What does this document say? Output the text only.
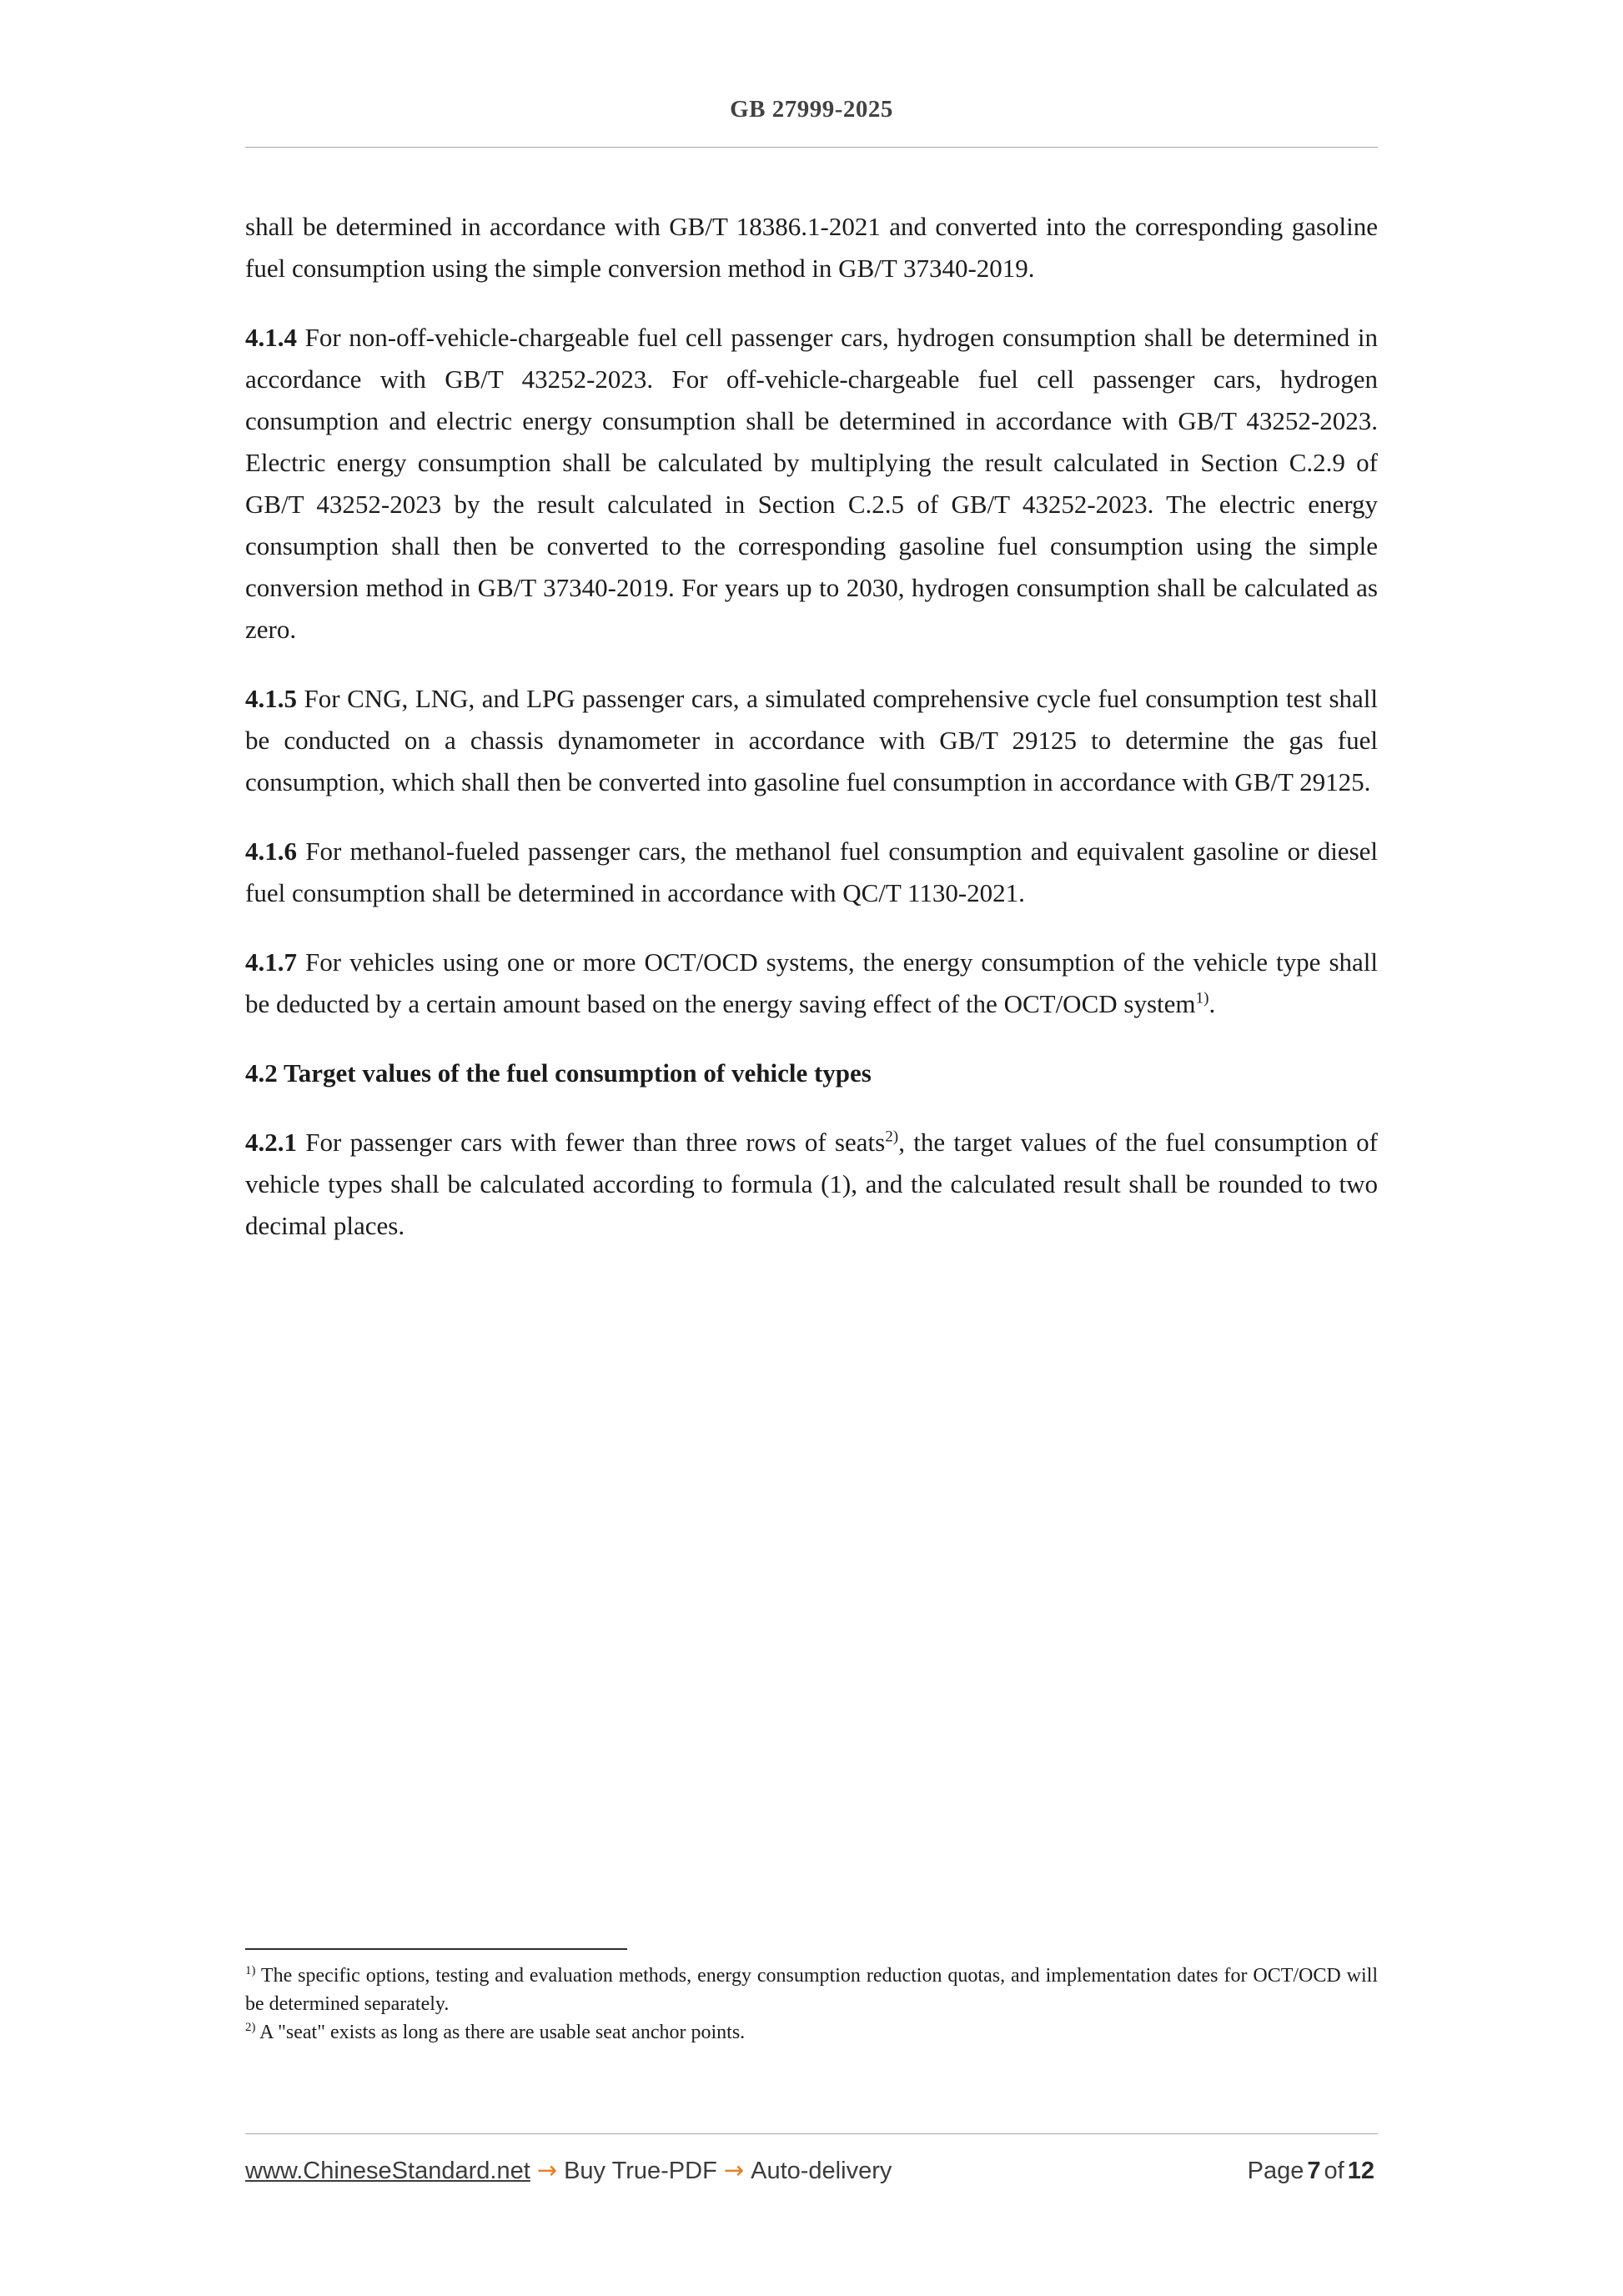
GB 27999-2025

shall be determined in accordance with GB/T 18386.1-2021 and converted into the corresponding gasoline fuel consumption using the simple conversion method in GB/T 37340-2019.

4.1.4 For non-off-vehicle-chargeable fuel cell passenger cars, hydrogen consumption shall be determined in accordance with GB/T 43252-2023. For off-vehicle-chargeable fuel cell passenger cars, hydrogen consumption and electric energy consumption shall be determined in accordance with GB/T 43252-2023. Electric energy consumption shall be calculated by multiplying the result calculated in Section C.2.9 of GB/T 43252-2023 by the result calculated in Section C.2.5 of GB/T 43252-2023. The electric energy consumption shall then be converted to the corresponding gasoline fuel consumption using the simple conversion method in GB/T 37340-2019. For years up to 2030, hydrogen consumption shall be calculated as zero.

4.1.5 For CNG, LNG, and LPG passenger cars, a simulated comprehensive cycle fuel consumption test shall be conducted on a chassis dynamometer in accordance with GB/T 29125 to determine the gas fuel consumption, which shall then be converted into gasoline fuel consumption in accordance with GB/T 29125.

4.1.6 For methanol-fueled passenger cars, the methanol fuel consumption and equivalent gasoline or diesel fuel consumption shall be determined in accordance with QC/T 1130-2021.

4.1.7 For vehicles using one or more OCT/OCD systems, the energy consumption of the vehicle type shall be deducted by a certain amount based on the energy saving effect of the OCT/OCD system$^{1)}$.

4.2 Target values of the fuel consumption of vehicle types

4.2.1 For passenger cars with fewer than three rows of seats$^{2)}$, the target values of the fuel consumption of vehicle types shall be calculated according to formula (1), and the calculated result shall be rounded to two decimal places.

$^{1)}$ The specific options, testing and evaluation methods, energy consumption reduction quotas, and implementation dates for OCT/OCD will be determined separately.

$^{2)}$ A "seat" exists as long as there are usable seat anchor points.

www.ChineseStandard.net → Buy True-PDF → Auto-delivery	Page 7 of 12
